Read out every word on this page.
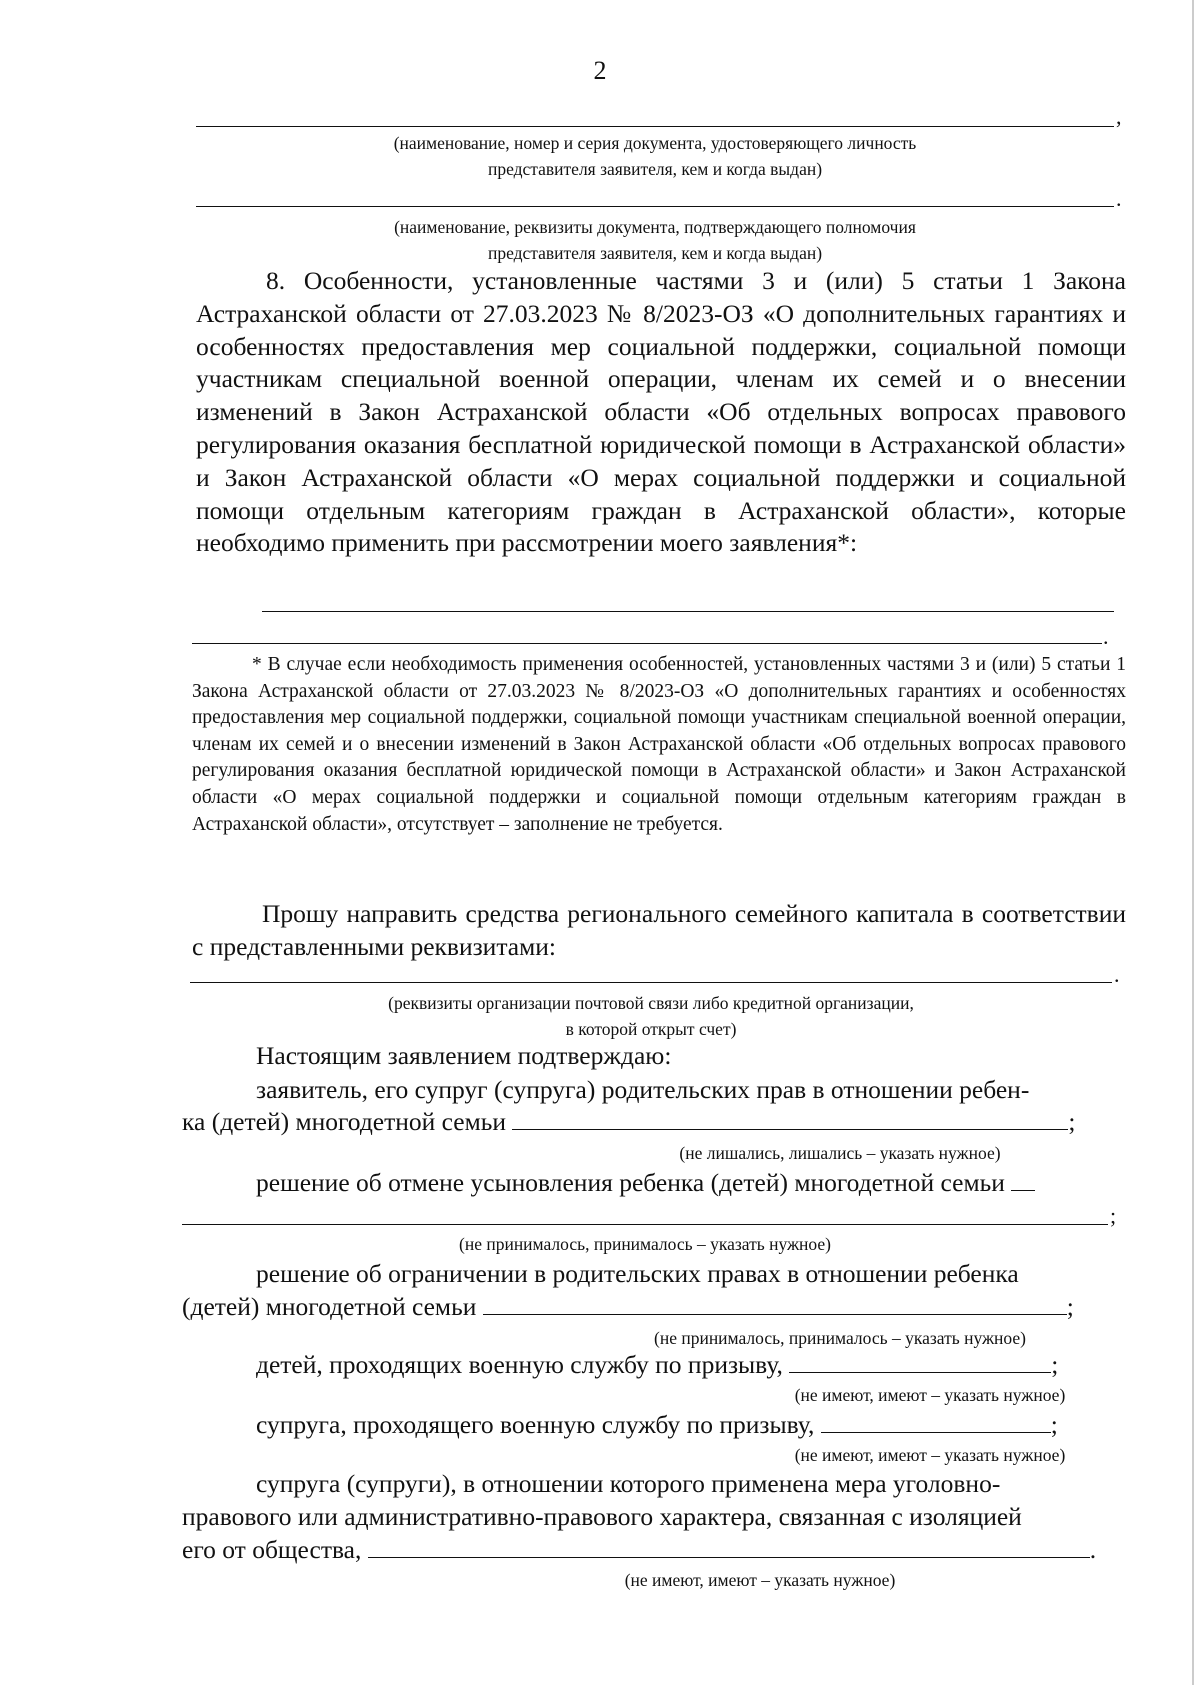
2
,
(наименование, номер и серия документа, удостоверяющего личность
представителя заявителя, кем и когда выдан)
.
(наименование, реквизиты документа, подтверждающего полномочия
представителя заявителя, кем и когда выдан)
8. Особенности, установленные частями 3 и (или) 5 статьи 1 Закона Астраханской области от 27.03.2023 № 8/2023-ОЗ «О дополнительных гарантиях и особенностях предоставления мер социальной поддержки, социальной помощи участникам специальной военной операции, членам их семей и о внесении изменений в Закон Астраханской области «Об отдельных вопросах правового регулирования оказания бесплатной юридической помощи в Астраханской области» и Закон Астраханской области «О мерах социальной поддержки и социальной помощи отдельным категориям граждан в Астраханской области», которые необходимо применить при рассмотрении моего заявления*:
.
* В случае если необходимость применения особенностей, установленных частями 3 и (или) 5 статьи 1 Закона Астраханской области от 27.03.2023 № 8/2023-ОЗ «О дополнительных гарантиях и особенностях предоставления мер социальной поддержки, социальной помощи участникам специальной военной операции, членам их семей и о внесении изменений в Закон Астраханской области «Об отдельных вопросах правового регулирования оказания бесплатной юридической помощи в Астраханской области» и Закон Астраханской области «О мерах социальной поддержки и социальной помощи отдельным категориям граждан в Астраханской области», отсутствует – заполнение не требуется.
Прошу направить средства регионального семейного капитала в соответствии с представленными реквизитами:
.
(реквизиты организации почтовой связи либо кредитной организации,
в которой открыт счет)
Настоящим заявлением подтверждаю:
заявитель, его супруг (супруга) родительских прав в отношении ребен-
ка (детей) многодетной семьи	;
(не лишались, лишались – указать нужное)
решение об отмене усыновления ребенка (детей) многодетной семьи
;
(не принималось, принималось – указать нужное)
решение об ограничении в родительских правах в отношении ребенка
(детей) многодетной семьи	;
(не принималось, принималось – указать нужное)
детей, проходящих военную службу по призыву,	;
(не имеют, имеют – указать нужное)
супруга, проходящего военную службу по призыву,	;
(не имеют, имеют – указать нужное)
супруга (супруги), в отношении которого применена мера уголовно-
правового или административно-правового характера, связанная с изоляцией
его от общества,	.
(не имеют, имеют – указать нужное)
